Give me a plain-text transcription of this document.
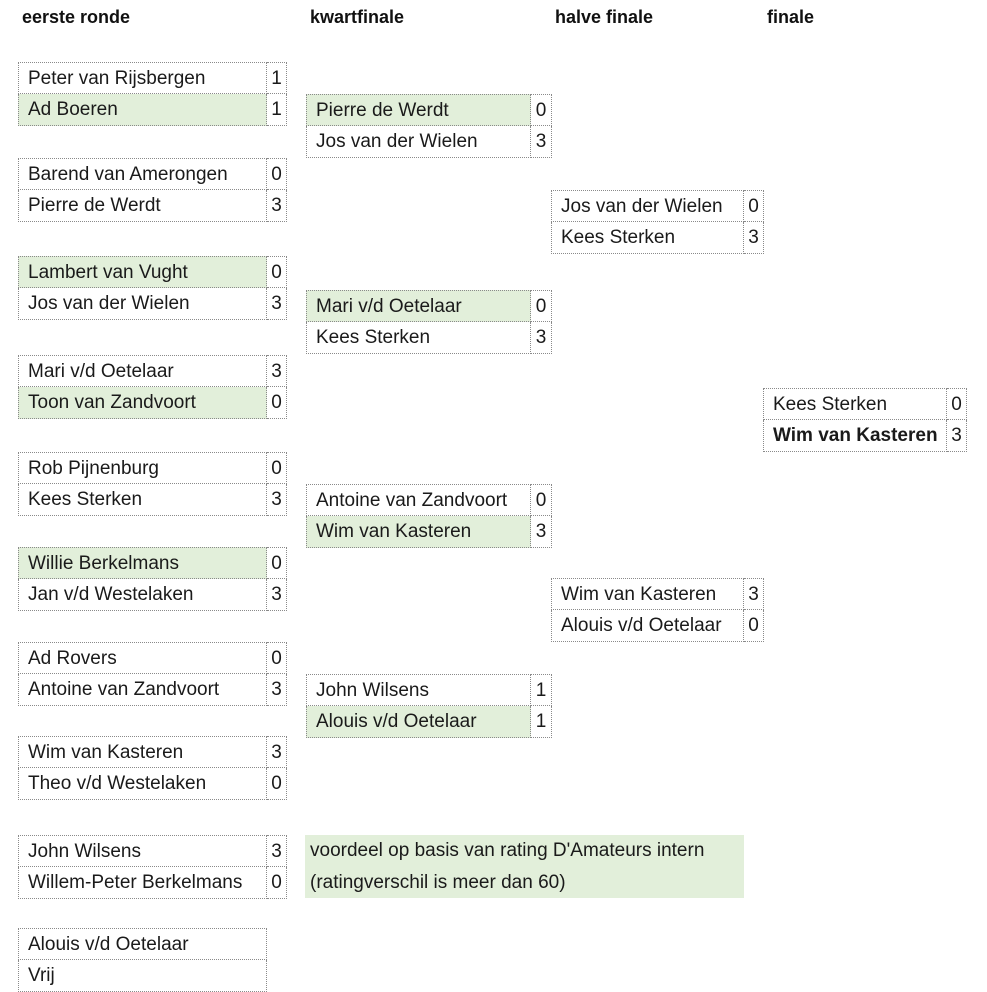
eerste ronde	kwartfinale	halve finale	finale
Peter van Rijsbergen	1
Ad Boeren	1
Barend van Amerongen	0
Pierre de Werdt	3
Lambert van Vught	0
Jos van der Wielen	3
Mari v/d Oetelaar	3
Toon van Zandvoort	0
Rob Pijnenburg	0
Kees Sterken	3
Willie Berkelmans	0
Jan v/d Westelaken	3
Ad Rovers	0
Antoine van Zandvoort	3
Wim van Kasteren	3
Theo v/d Westelaken	0
John Wilsens	3
Willem-Peter Berkelmans	0
Alouis v/d Oetelaar
Vrij
Pierre de Werdt	0
Jos van der Wielen	3
Mari v/d Oetelaar	0
Kees Sterken	3
Antoine van Zandvoort	0
Wim van Kasteren	3
John Wilsens	1
Alouis v/d Oetelaar	1
Jos van der Wielen	0
Kees Sterken	3
Wim van Kasteren	3
Alouis v/d Oetelaar	0
Kees Sterken	0
Wim van Kasteren 3
voordeel op basis van rating D'Amateurs intern
(ratingverschil is meer dan 60)
